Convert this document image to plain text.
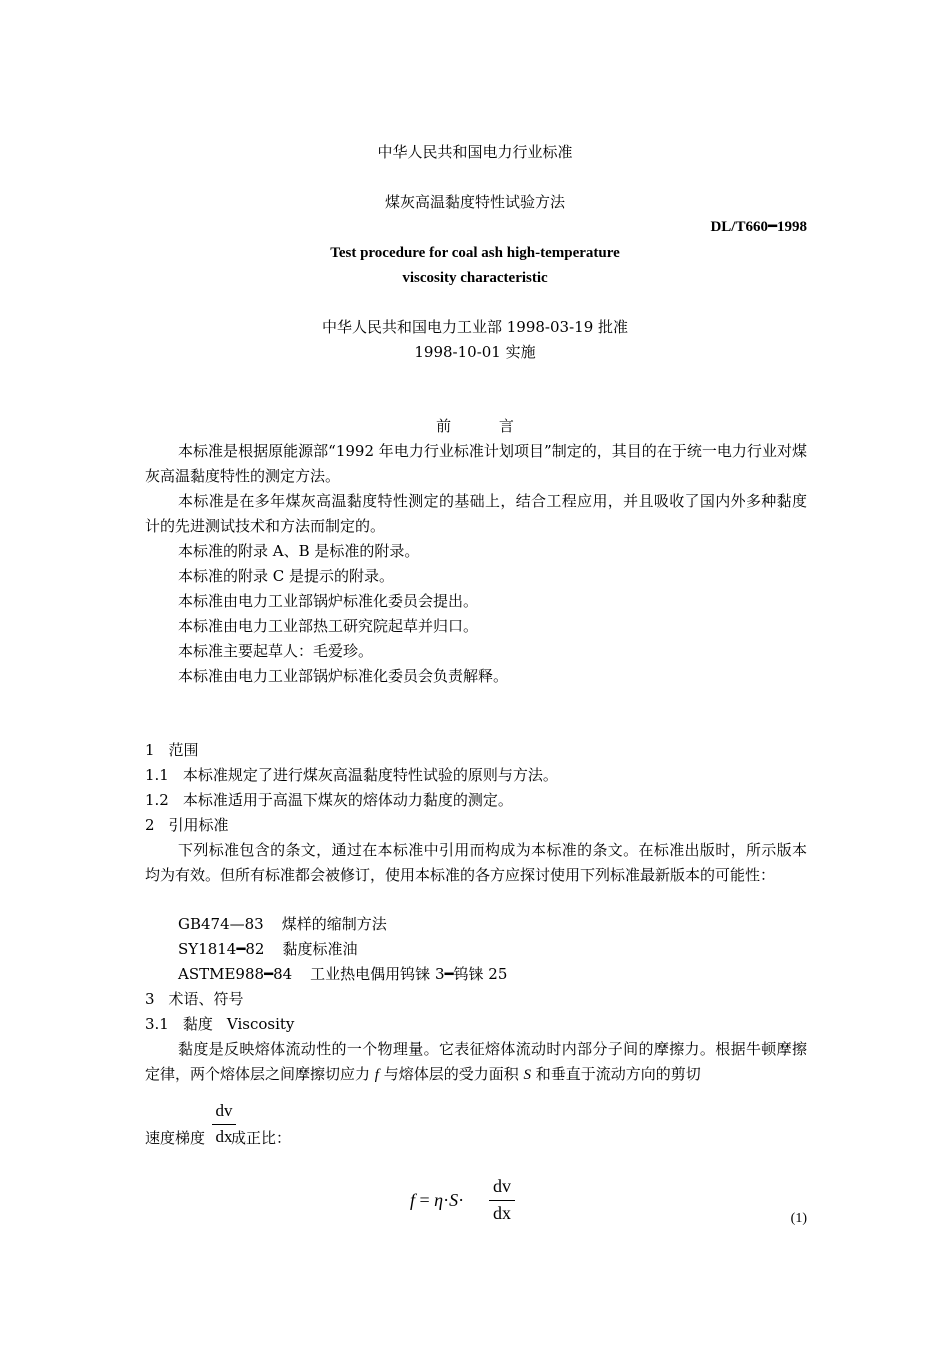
中华人民共和国电力行业标准
煤灰高温黏度特性试验方法
DL/T660━1998
Test procedure for coal ash high-temperature
viscosity characteristic
中华人民共和国电力工业部 1998-03-19 批准
1998-10-01 实施
前          言
本标准是根据原能源部“1992 年电力行业标准计划项目”制定的，其目的在于统一电力行业对煤灰高温黏度特性的测定方法。
本标准是在多年煤灰高温黏度特性测定的基础上，结合工程应用，并且吸收了国内外多种黏度计的先进测试技术和方法而制定的。
本标准的附录 A、B 是标准的附录。
本标准的附录 C 是提示的附录。
本标准由电力工业部锅炉标准化委员会提出。
本标准由电力工业部热工研究院起草并归口。
本标准主要起草人：毛爱珍。
本标准由电力工业部锅炉标准化委员会负责解释。
1 范围
1.1 本标准规定了进行煤灰高温黏度特性试验的原则与方法。
1.2 本标准适用于高温下煤灰的熔体动力黏度的测定。
2 引用标准
下列标准包含的条文，通过在本标准中引用而构成为本标准的条文。在标准出版时，所示版本均为有效。但所有标准都会被修订，使用本标准的各方应探讨使用下列标准最新版本的可能性：
GB474—83 煤样的缩制方法
SY1814━82 黏度标准油
ASTME988━84 工业热电偶用钨铼 3━钨铼 25
3 术语、符号
3.1 黏度 Viscosity
黏度是反映熔体流动性的一个物理量。它表征熔体流动时内部分子间的摩擦力。根据牛顿摩擦定律，两个熔体层之间摩擦切应力 f 与熔体层的受力面积 S 和垂直于流动方向的剪切
速度梯度 成正比：
dv
dx
f = η·S·
dv
dx	(1)
